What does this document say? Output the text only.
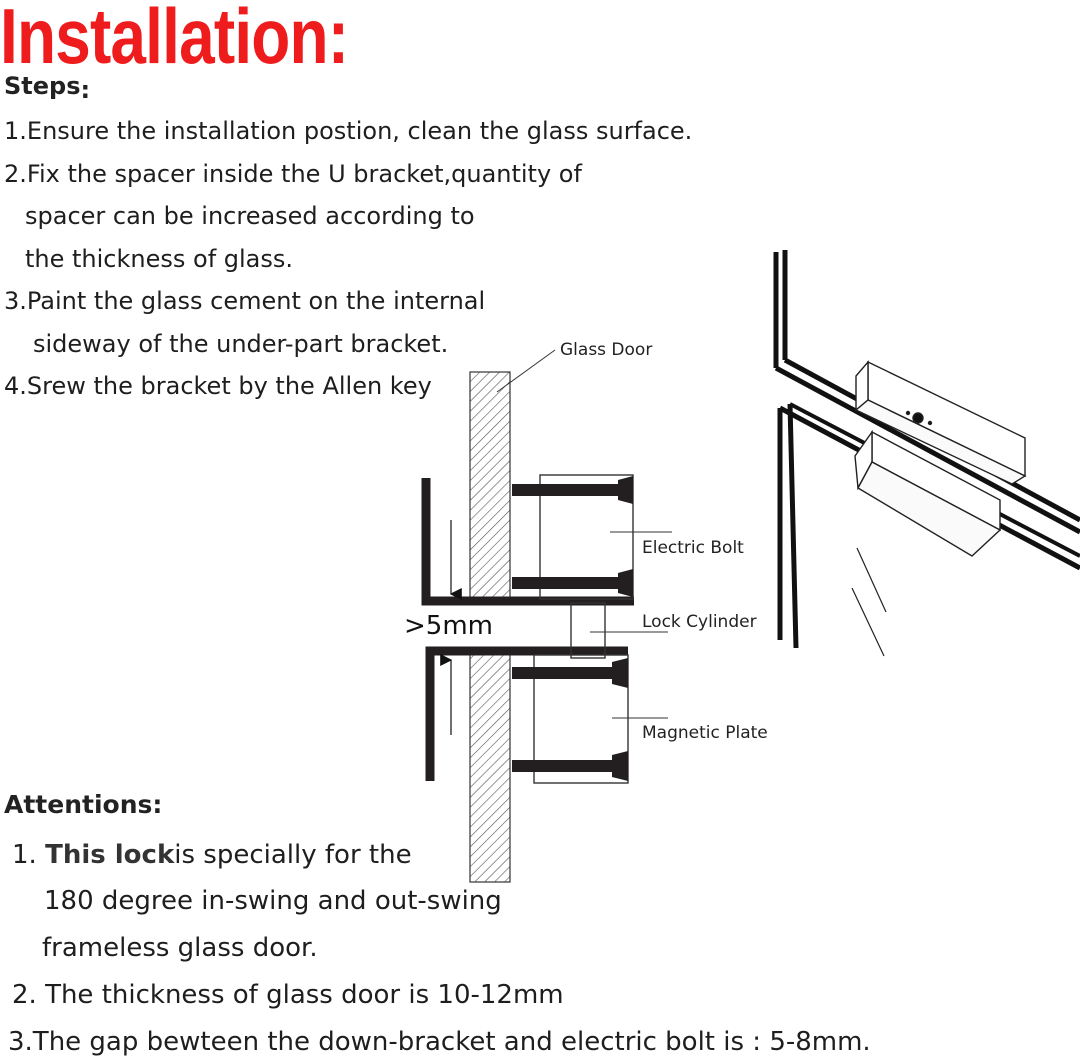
Installation:
Steps:
1.Ensure the installation postion, clean the glass surface.
2.Fix the spacer inside the U bracket,quantity of
spacer can be increased according to
the thickness of glass.
3.Paint the glass cement on the internal
sideway of the under-part bracket.
4.Srew the bracket by the Allen key
Glass Door
Electric Bolt
Lock Cylinder
Magnetic Plate
>5mm
Attentions:
1. This lockis specially for the
180 degree in-swing and out-swing
frameless glass door.
2. The thickness of glass door is 10-12mm
3.The gap bewteen the down-bracket and electric bolt is : 5-8mm.
